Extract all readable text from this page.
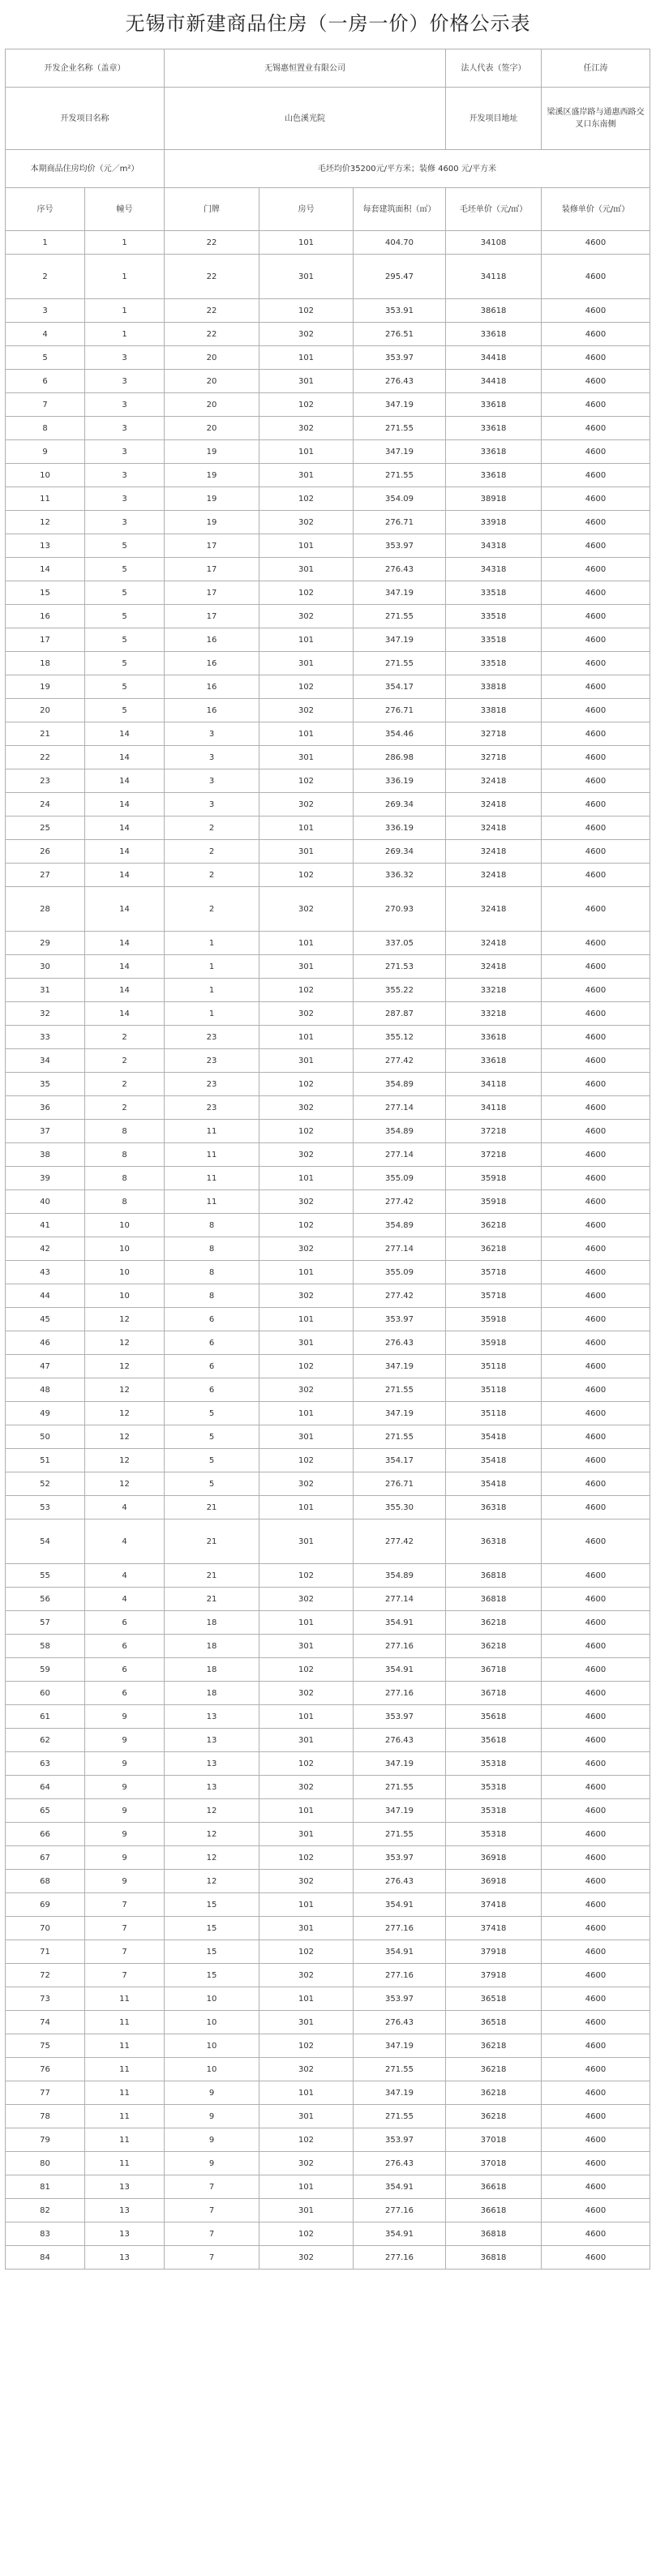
无锡市新建商品住房（一房一价）价格公示表
开发企业名称（盖章）		无锡惠恒置业有限公司			法人代表（签字）	任江涛
开发项目名称		山色溪光院			开发项目地址	梁溪区盛岸路与通惠西路交叉口东南侧
本期商品住房均价（元／m²）		毛坯均价35200元/平方米；装修 4600 元/平方米				
序号	幢号	门牌	房号	每套建筑面积（㎡）	毛坯单价（元/㎡）	装修单价（元/㎡）
1	1	22	101	404.70	34108	4600
2	1	22	301	295.47	34118	4600
3	1	22	102	353.91	38618	4600
4	1	22	302	276.51	33618	4600
5	3	20	101	353.97	34418	4600
6	3	20	301	276.43	34418	4600
7	3	20	102	347.19	33618	4600
8	3	20	302	271.55	33618	4600
9	3	19	101	347.19	33618	4600
10	3	19	301	271.55	33618	4600
11	3	19	102	354.09	38918	4600
12	3	19	302	276.71	33918	4600
13	5	17	101	353.97	34318	4600
14	5	17	301	276.43	34318	4600
15	5	17	102	347.19	33518	4600
16	5	17	302	271.55	33518	4600
17	5	16	101	347.19	33518	4600
18	5	16	301	271.55	33518	4600
19	5	16	102	354.17	33818	4600
20	5	16	302	276.71	33818	4600
21	14	3	101	354.46	32718	4600
22	14	3	301	286.98	32718	4600
23	14	3	102	336.19	32418	4600
24	14	3	302	269.34	32418	4600
25	14	2	101	336.19	32418	4600
26	14	2	301	269.34	32418	4600
27	14	2	102	336.32	32418	4600
28	14	2	302	270.93	32418	4600
29	14	1	101	337.05	32418	4600
30	14	1	301	271.53	32418	4600
31	14	1	102	355.22	33218	4600
32	14	1	302	287.87	33218	4600
33	2	23	101	355.12	33618	4600
34	2	23	301	277.42	33618	4600
35	2	23	102	354.89	34118	4600
36	2	23	302	277.14	34118	4600
37	8	11	102	354.89	37218	4600
38	8	11	302	277.14	37218	4600
39	8	11	101	355.09	35918	4600
40	8	11	302	277.42	35918	4600
41	10	8	102	354.89	36218	4600
42	10	8	302	277.14	36218	4600
43	10	8	101	355.09	35718	4600
44	10	8	302	277.42	35718	4600
45	12	6	101	353.97	35918	4600
46	12	6	301	276.43	35918	4600
47	12	6	102	347.19	35118	4600
48	12	6	302	271.55	35118	4600
49	12	5	101	347.19	35118	4600
50	12	5	301	271.55	35418	4600
51	12	5	102	354.17	35418	4600
52	12	5	302	276.71	35418	4600
53	4	21	101	355.30	36318	4600
54	4	21	301	277.42	36318	4600
55	4	21	102	354.89	36818	4600
56	4	21	302	277.14	36818	4600
57	6	18	101	354.91	36218	4600
58	6	18	301	277.16	36218	4600
59	6	18	102	354.91	36718	4600
60	6	18	302	277.16	36718	4600
61	9	13	101	353.97	35618	4600
62	9	13	301	276.43	35618	4600
63	9	13	102	347.19	35318	4600
64	9	13	302	271.55	35318	4600
65	9	12	101	347.19	35318	4600
66	9	12	301	271.55	35318	4600
67	9	12	102	353.97	36918	4600
68	9	12	302	276.43	36918	4600
69	7	15	101	354.91	37418	4600
70	7	15	301	277.16	37418	4600
71	7	15	102	354.91	37918	4600
72	7	15	302	277.16	37918	4600
73	11	10	101	353.97	36518	4600
74	11	10	301	276.43	36518	4600
75	11	10	102	347.19	36218	4600
76	11	10	302	271.55	36218	4600
77	11	9	101	347.19	36218	4600
78	11	9	301	271.55	36218	4600
79	11	9	102	353.97	37018	4600
80	11	9	302	276.43	37018	4600
81	13	7	101	354.91	36618	4600
82	13	7	301	277.16	36618	4600
83	13	7	102	354.91	36818	4600
84	13	7	302	277.16	36818	4600
